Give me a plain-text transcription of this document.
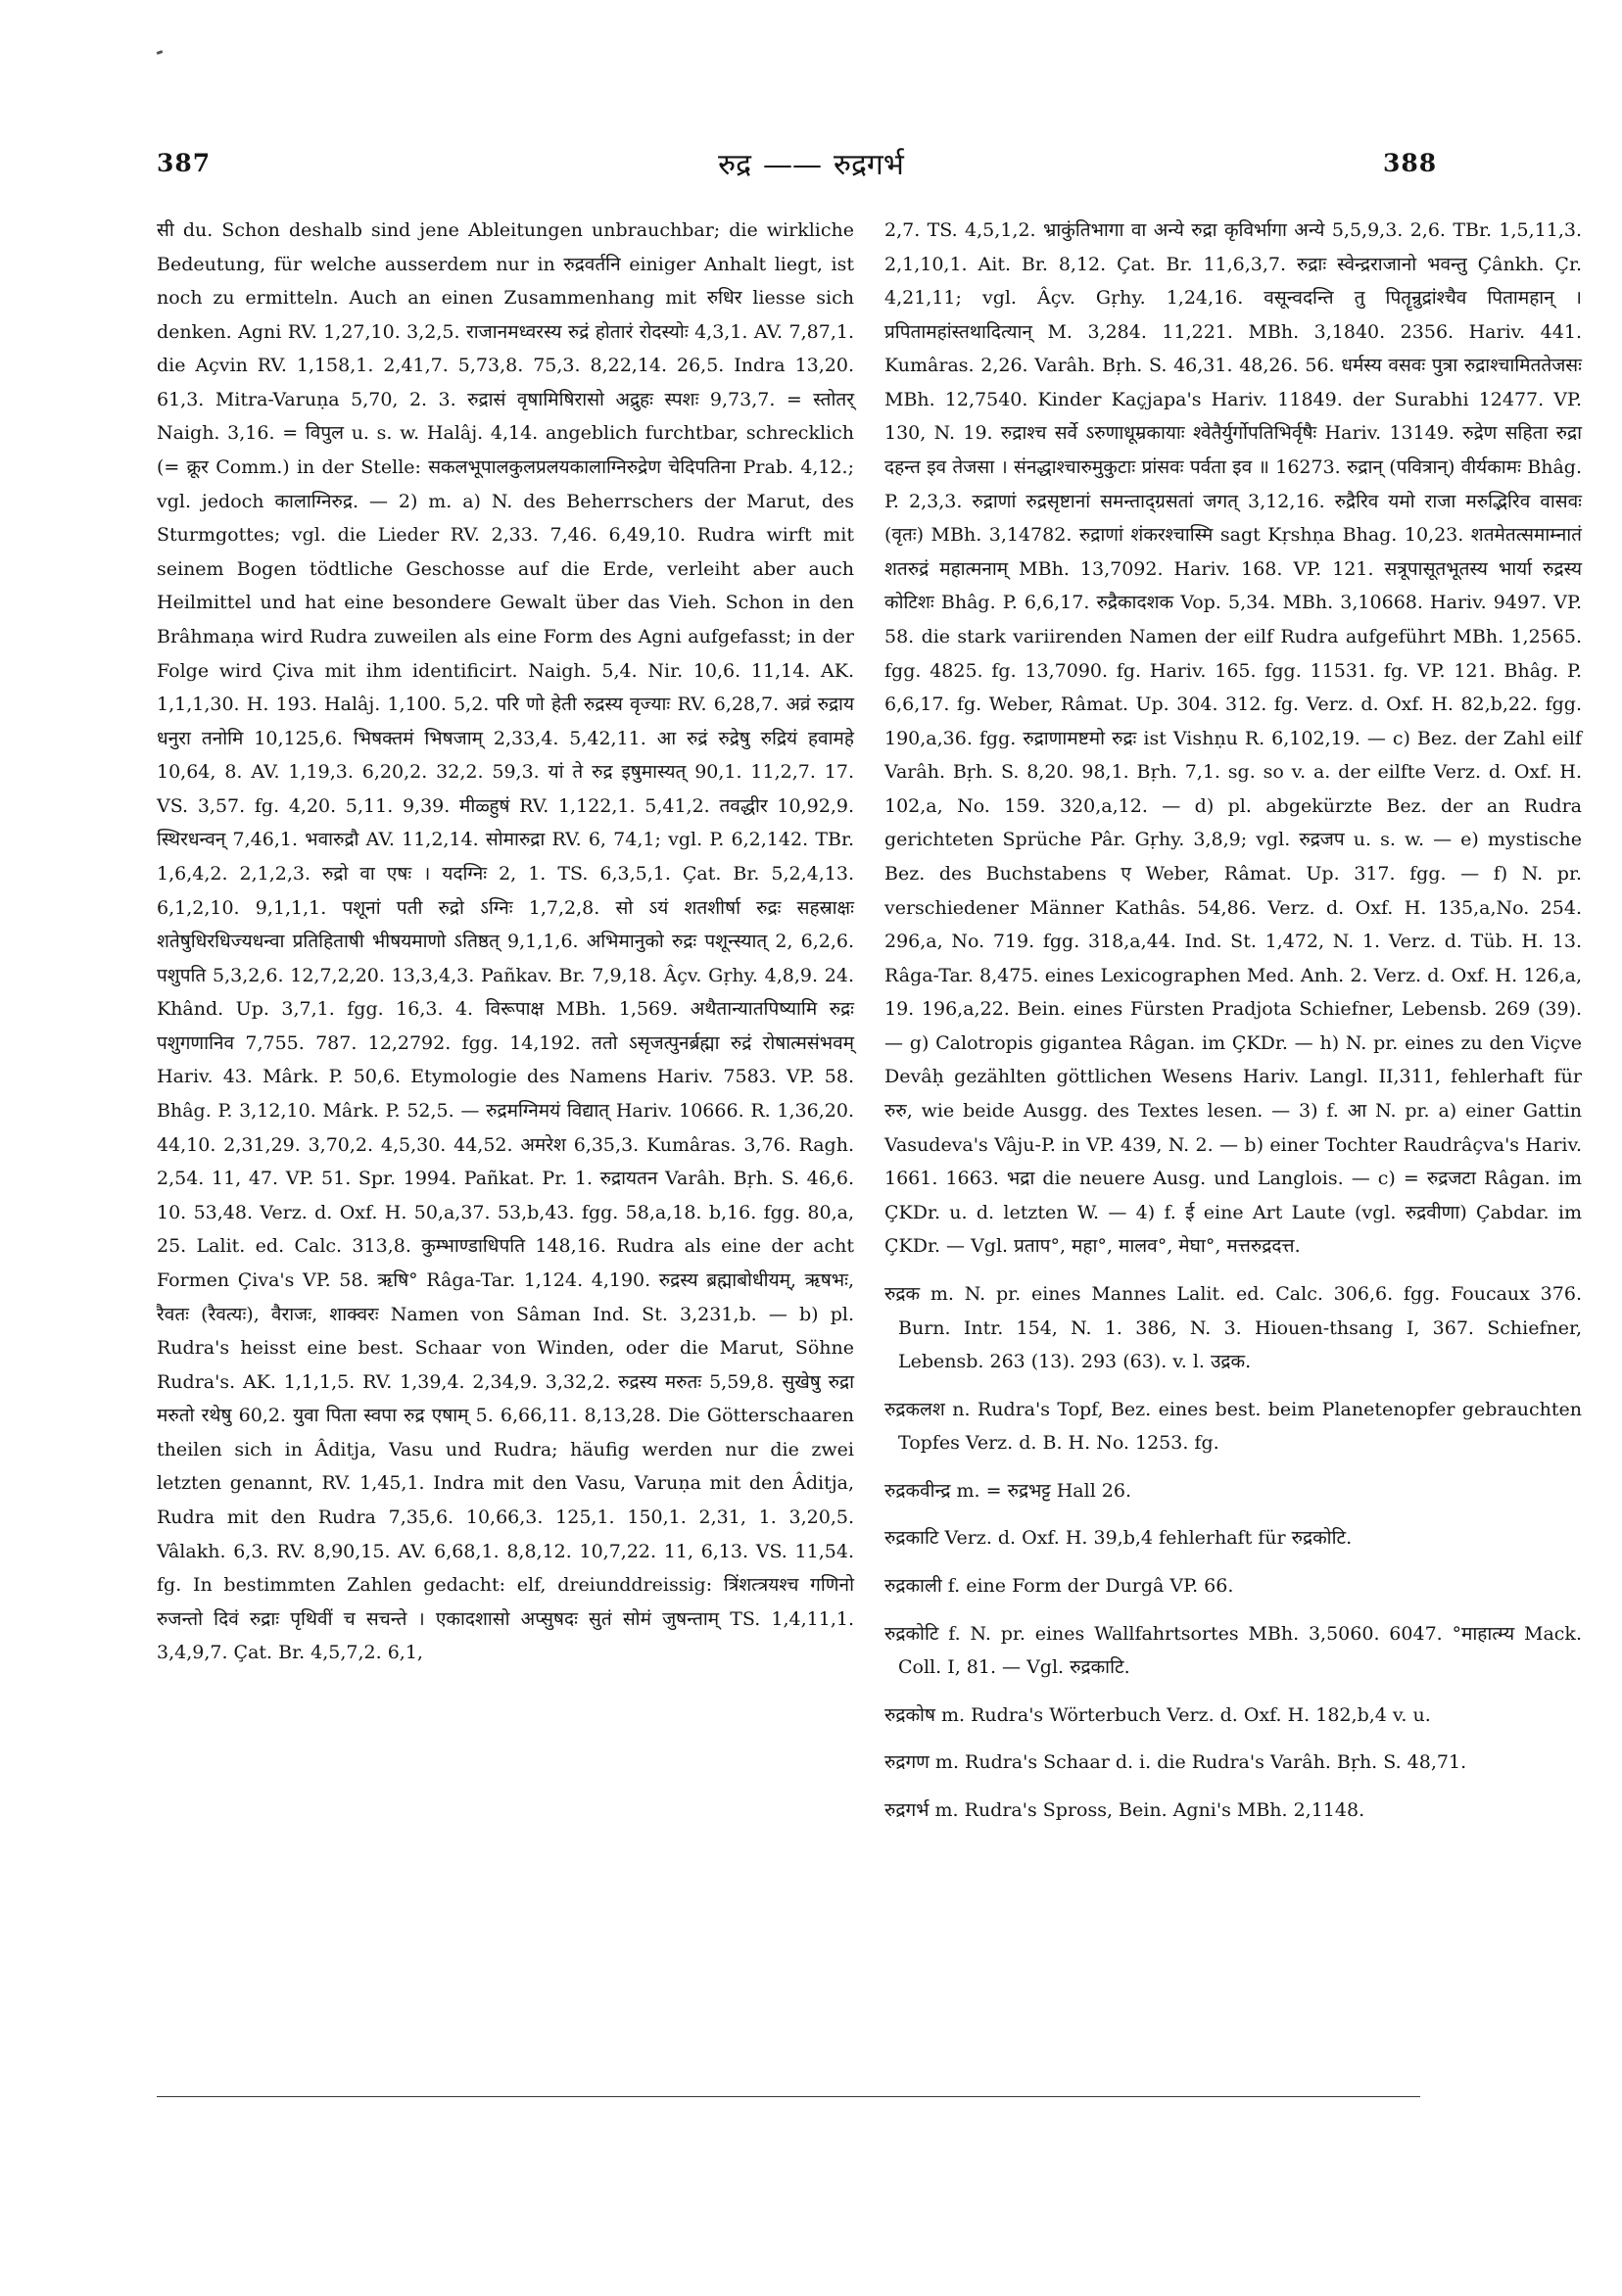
387	रुद्र —— रुद्रगर्भ	388

सी du. Schon deshalb sind jene Ableitungen unbrauchbar; die wirkliche Bedeutung, für welche ausserdem nur in रुद्रवर्तनि einiger Anhalt liegt, ist noch zu ermitteln. Auch an einen Zusammenhang mit रुधिर liesse sich denken. Agni RV. 1,27,10. 3,2,5. राजानमध्वरस्य रुद्रं होतारं रोदस्योः 4,3,1. AV. 7,87,1. die Açvin RV. 1,158,1. 2,41,7. 5,73,8. 75,3. 8,22,14. 26,5. Indra 13,20. 61,3. Mitra-Varuṇa 5,70, 2. 3. रुद्रासं वृषामिषिरासो अद्रुहः स्पशः 9,73,7. = स्तोतर् Naigh. 3,16. = विपुल u. s. w. Halâj. 4,14. angeblich furchtbar, schrecklich (= क्रूर Comm.) in der Stelle: सकलभूपालकुलप्रलयकालाग्निरुद्रेण चेदिपतिना Prab. 4,12.; vgl. jedoch कालाग्निरुद्र. — 2) m. a) N. des Beherrschers der Marut, des Sturmgottes; vgl. die Lieder RV. 2,33. 7,46. 6,49,10. Rudra wirft mit seinem Bogen tödtliche Geschosse auf die Erde, verleiht aber auch Heilmittel und hat eine besondere Gewalt über das Vieh. Schon in den Brâhmaṇa wird Rudra zuweilen als eine Form des Agni aufgefasst; in der Folge wird Çiva mit ihm identificirt. Naigh. 5,4. Nir. 10,6. 11,14. AK. 1,1,1,30. H. 193. Halâj. 1,100. 5,2. परि णो हेती रुद्रस्य वृज्याः RV. 6,28,7. अव्रं रुद्राय धनुरा तनोमि 10,125,6. भिषक्तमं भिषजाम् 2,33,4. 5,42,11. आ रुद्रं रुद्रेषु रुद्रियं हवामहे 10,64, 8. AV. 1,19,3. 6,20,2. 32,2. 59,3. यां ते रुद्र इषुमास्यत् 90,1. 11,2,7. 17. VS. 3,57. fg. 4,20. 5,11. 9,39. मीळ्हुषं RV. 1,122,1. 5,41,2. तवद्धीर 10,92,9. स्थिरधन्वन् 7,46,1. भवारुद्रौ AV. 11,2,14. सोमारुद्रा RV. 6, 74,1; vgl. P. 6,2,142. TBr. 1,6,4,2. 2,1,2,3. रुद्रो वा एषः । यदग्निः 2, 1. TS. 6,3,5,1. Çat. Br. 5,2,4,13. 6,1,2,10. 9,1,1,1. पशूनां पती रुद्रो ऽग्निः 1,7,2,8. सो ऽयं शतशीर्षा रुद्रः सहस्राक्षः शतेषुधिरधिज्यधन्वा प्रतिहिताषी भीषयमाणो ऽतिष्ठत् 9,1,1,6. अभिमानुको रुद्रः पशून्स्यात् 2, 6,2,6. पशुपति 5,3,2,6. 12,7,2,20. 13,3,4,3. Pañkav. Br. 7,9,18. Âçv. Gṛhy. 4,8,9. 24. Khând. Up. 3,7,1. fgg. 16,3. 4. विरूपाक्ष MBh. 1,569. अथैतान्यातपिष्यामि रुद्रः पशुगणानिव 7,755. 787. 12,2792. fgg. 14,192. ततो ऽसृजत्पुनर्ब्रह्मा रुद्रं रोषात्मसंभवम् Hariv. 43. Mârk. P. 50,6. Etymologie des Namens Hariv. 7583. VP. 58. Bhâg. P. 3,12,10. Mârk. P. 52,5. — रुद्रमग्निमयं विद्यात् Hariv. 10666. R. 1,36,20. 44,10. 2,31,29. 3,70,2. 4,5,30. 44,52. अमरेश 6,35,3. Kumâras. 3,76. Ragh. 2,54. 11, 47. VP. 51. Spr. 1994. Pañkat. Pr. 1. रुद्रायतन Varâh. Bṛh. S. 46,6. 10. 53,48. Verz. d. Oxf. H. 50,a,37. 53,b,43. fgg. 58,a,18. b,16. fgg. 80,a, 25. Lalit. ed. Calc. 313,8. कुम्भाण्डाधिपति 148,16. Rudra als eine der acht Formen Çiva's VP. 58. ऋषि° Râga-Tar. 1,124. 4,190. रुद्रस्य ब्रह्माबोधीयम्, ऋषभः, रैवतः (रैवत्यः), वैराजः, शाक्वरः Namen von Sâman Ind. St. 3,231,b. — b) pl. Rudra's heisst eine best. Schaar von Winden, oder die Marut, Söhne Rudra's. AK. 1,1,1,5. RV. 1,39,4. 2,34,9. 3,32,2. रुद्रस्य मरुतः 5,59,8. सुखेषु रुद्रा मरुतो रथेषु 60,2. युवा पिता स्वपा रुद्र एषाम् 5. 6,66,11. 8,13,28. Die Götterschaaren theilen sich in Âditja, Vasu und Rudra; häufig werden nur die zwei letzten genannt, RV. 1,45,1. Indra mit den Vasu, Varuṇa mit den Âditja, Rudra mit den Rudra 7,35,6. 10,66,3. 125,1. 150,1. 2,31, 1. 3,20,5. Vâlakh. 6,3. RV. 8,90,15. AV. 6,68,1. 8,8,12. 10,7,22. 11, 6,13. VS. 11,54. fg. In bestimmten Zahlen gedacht: elf, dreiunddreissig: त्रिंशत्त्रयश्च गणिनो रुजन्तो दिवं रुद्राः पृथिवीं च सचन्ते । एकादशासो अप्सुषदः सुतं सोमं जुषन्ताम् TS. 1,4,11,1. 3,4,9,7. Çat. Br. 4,5,7,2. 6,1,

2,7. TS. 4,5,1,2. भ्राकुंतिभागा वा अन्ये रुद्रा कृविर्भागा अन्ये 5,5,9,3. 2,6. TBr. 1,5,11,3. 2,1,10,1. Ait. Br. 8,12. Çat. Br. 11,6,3,7. रुद्राः स्वेन्द्रराजानो भवन्तु Çânkh. Çr. 4,21,11; vgl. Âçv. Gṛhy. 1,24,16. वसून्वदन्ति तु पितॄन्रुद्रांश्चैव पितामहान् । प्रपितामहांस्तथादित्यान् M. 3,284. 11,221. MBh. 3,1840. 2356. Hariv. 441. Kumâras. 2,26. Varâh. Bṛh. S. 46,31. 48,26. 56. धर्मस्य वसवः पुत्रा रुद्राश्चामिततेजसः MBh. 12,7540. Kinder Kaçjapa's Hariv. 11849. der Surabhi 12477. VP. 130, N. 19. रुद्राश्च सर्वे ऽरुणाधूम्रकायाः श्वेतैर्युर्गोपतिभिर्वृषैः Hariv. 13149. रुद्रेण सहिता रुद्रा दहन्त इव तेजसा । संनद्धाश्चारुमुकुटाः प्रांसवः पर्वता इव ॥ 16273. रुद्रान् (पवित्रान्) वीर्यकामः Bhâg. P. 2,3,3. रुद्राणां रुद्रसृष्टानां समन्ताद्ग्रसतां जगत् 3,12,16. रुद्रैरिव यमो राजा मरुद्भिरिव वासवः (वृतः) MBh. 3,14782. रुद्राणां शंकरश्चास्मि sagt Kṛshṇa Bhag. 10,23. शतमेतत्समाम्नातं शतरुद्रं महात्मनाम् MBh. 13,7092. Hariv. 168. VP. 121. सत्रूपासूतभूतस्य भार्या रुद्रस्य कोटिशः Bhâg. P. 6,6,17. रुद्रैकादशक Vop. 5,34. MBh. 3,10668. Hariv. 9497. VP. 58. die stark variirenden Namen der eilf Rudra aufgeführt MBh. 1,2565. fgg. 4825. fg. 13,7090. fg. Hariv. 165. fgg. 11531. fg. VP. 121. Bhâg. P. 6,6,17. fg. Weber, Râmat. Up. 304. 312. fg. Verz. d. Oxf. H. 82,b,22. fgg. 190,a,36. fgg. रुद्राणामष्टमो रुद्रः ist Vishṇu R. 6,102,19. — c) Bez. der Zahl eilf Varâh. Bṛh. S. 8,20. 98,1. Bṛh. 7,1. sg. so v. a. der eilfte Verz. d. Oxf. H. 102,a, No. 159. 320,a,12. — d) pl. abgekürzte Bez. der an Rudra gerichteten Sprüche Pâr. Gṛhy. 3,8,9; vgl. रुद्रजप u. s. w. — e) mystische Bez. des Buchstabens ए Weber, Râmat. Up. 317. fgg. — f) N. pr. verschiedener Männer Kathâs. 54,86. Verz. d. Oxf. H. 135,a,No. 254. 296,a, No. 719. fgg. 318,a,44. Ind. St. 1,472, N. 1. Verz. d. Tüb. H. 13. Râga-Tar. 8,475. eines Lexicographen Med. Anh. 2. Verz. d. Oxf. H. 126,a, 19. 196,a,22. Bein. eines Fürsten Pradjota Schiefner, Lebensb. 269 (39). — g) Calotropis gigantea Râgan. im ÇKDr. — h) N. pr. eines zu den Viçve Devâḥ gezählten göttlichen Wesens Hariv. Langl. II,311, fehlerhaft für रुरु, wie beide Ausgg. des Textes lesen. — 3) f. आ N. pr. a) einer Gattin Vasudeva's Vâju-P. in VP. 439, N. 2. — b) einer Tochter Raudrâçva's Hariv. 1661. 1663. भद्रा die neuere Ausg. und Langlois. — c) = रुद्रजटा Râgan. im ÇKDr. u. d. letzten W. — 4) f. ई eine Art Laute (vgl. रुद्रवीणा) Çabdar. im ÇKDr. — Vgl. प्रताप°, महा°, मालव°, मेघा°, मत्तरुद्रदत्त.

रुद्रक m. N. pr. eines Mannes Lalit. ed. Calc. 306,6. fgg. Foucaux 376. Burn. Intr. 154, N. 1. 386, N. 3. Hiouen-thsang I, 367. Schiefner, Lebensb. 263 (13). 293 (63). v. l. उद्रक.

रुद्रकलश n. Rudra's Topf, Bez. eines best. beim Planetenopfer gebrauchten Topfes Verz. d. B. H. No. 1253. fg.

रुद्रकवीन्द्र m. = रुद्रभट्ट Hall 26.

रुद्रकाटि Verz. d. Oxf. H. 39,b,4 fehlerhaft für रुद्रकोटि.

रुद्रकाली f. eine Form der Durgâ VP. 66.

रुद्रकोटि f. N. pr. eines Wallfahrtsortes MBh. 3,5060. 6047. °माहात्म्य Mack. Coll. I, 81. — Vgl. रुद्रकाटि.

रुद्रकोष m. Rudra's Wörterbuch Verz. d. Oxf. H. 182,b,4 v. u.

रुद्रगण m. Rudra's Schaar d. i. die Rudra's Varâh. Bṛh. S. 48,71.

रुद्रगर्भ m. Rudra's Spross, Bein. Agni's MBh. 2,1148.
